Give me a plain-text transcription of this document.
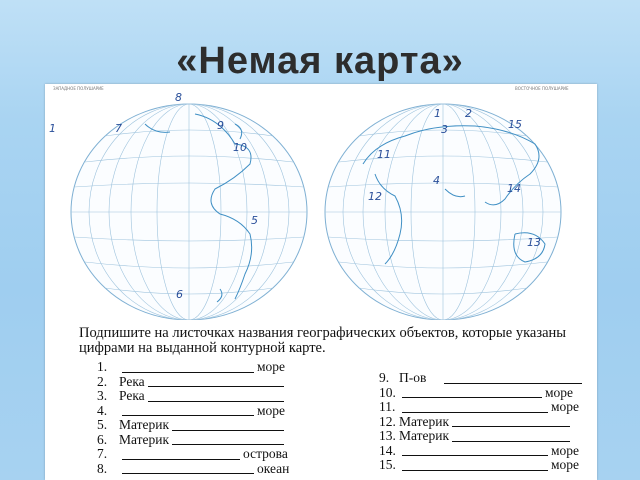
«Немая карта»
ЗАПАДНОЕ ПОЛУШАРИЕ	ВОСТОЧНОЕ ПОЛУШАРИЕ
1
8
7	9
10
5
6
1 2
3	15
11
4
12
14
13
Подпишите на листочках названия географических объектов, которые указаны цифрами на выданной контурной карте.
1.	море
2. Река
3. Река
4.	море
5. Материк
6. Материк
7.	острова
8.	океан
9. П-ов
10.	море
11.	море
12. Материк
13. Материк
14.	море
15.	море
